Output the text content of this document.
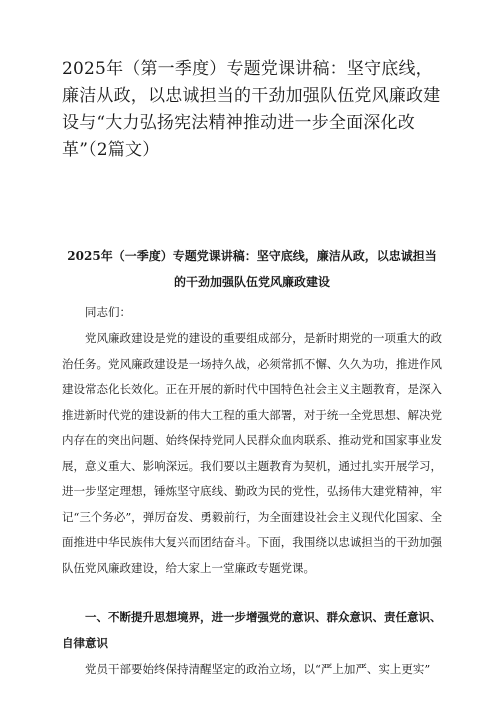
2025年（第一季度）专题党课讲稿：坚守底线，廉洁从政，以忠诚担当的干劲加强队伍党风廉政建设与“大力弘扬宪法精神推动进一步全面深化改革”（2篇文）
2025年（一季度）专题党课讲稿：坚守底线，廉洁从政，以忠诚担当的干劲加强队伍党风廉政建设

同志们：

党风廉政建设是党的建设的重要组成部分，是新时期党的一项重大的政治任务。党风廉政建设是一场持久战，必须常抓不懈、久久为功，推进作风建设常态化长效化。正在开展的新时代中国特色社会主义主题教育，是深入推进新时代党的建设新的伟大工程的重大部署，对于统一全党思想、解决党内存在的突出问题、始终保持党同人民群众血肉联系、推动党和国家事业发展，意义重大、影响深远。我们要以主题教育为契机，通过扎实开展学习，进一步坚定理想，锤炼坚守底线、勤政为民的党性，弘扬伟大建党精神，牢记“三个务必”，弹厉奋发、勇毅前行，为全面建设社会主义现代化国家、全面推进中华民族伟大复兴而团结奋斗。下面，我围绕以忠诚担当的干劲加强队伍党风廉政建设，给大家上一堂廉政专题党课。

一、不断提升思想境界，进一步增强党的意识、群众意识、责任意识、自律意识

党员干部要始终保持清醒坚定的政治立场，以“严上加严、实上更实”
